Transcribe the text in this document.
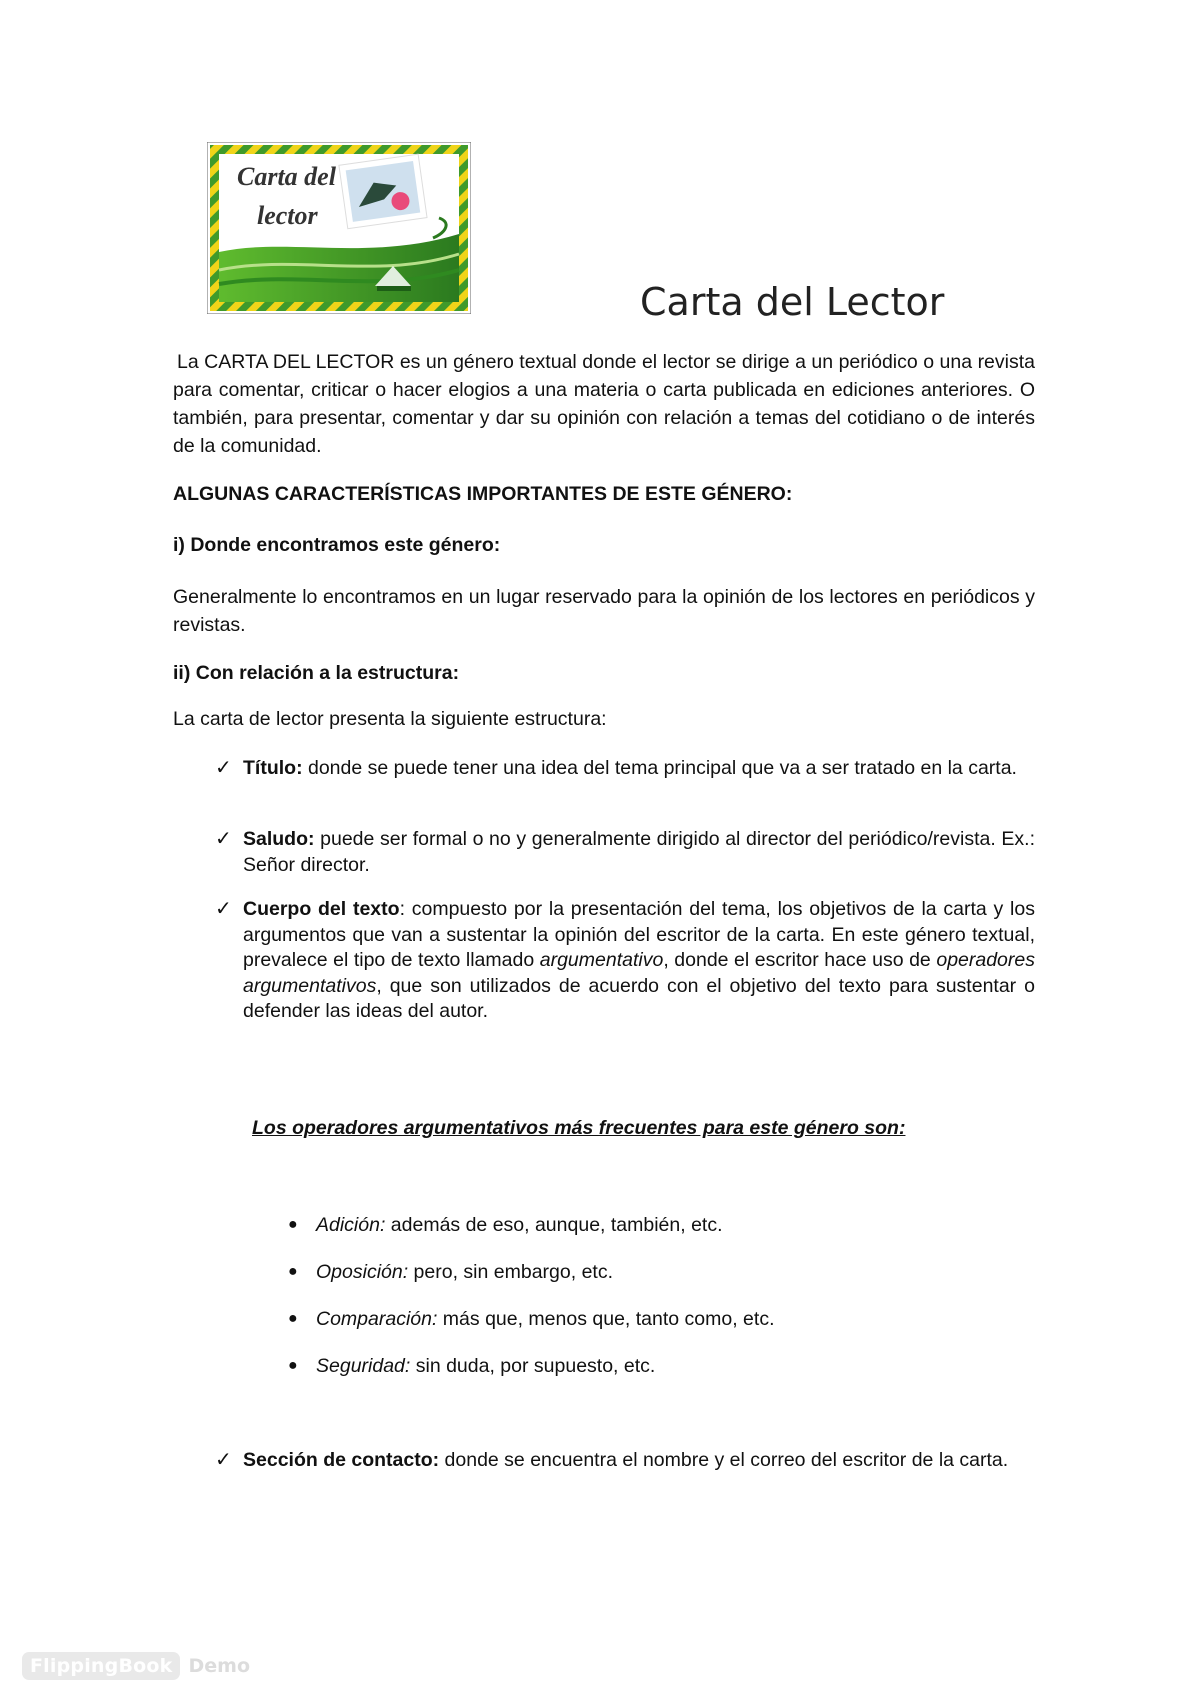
Carta del
lector
Carta del Lector
La CARTA DEL LECTOR es un género textual donde el lector se dirige a un periódico o una revista para comentar, criticar o hacer elogios a una materia o carta publicada en ediciones anteriores. O también, para presentar, comentar y dar su opinión con relación a temas del cotidiano o de interés de la comunidad.
ALGUNAS CARACTERÍSTICAS IMPORTANTES DE ESTE GÉNERO:
i) Donde encontramos este género:
Generalmente lo encontramos en un lugar reservado para la opinión de los lectores en periódicos y revistas.
ii) Con relación a la estructura:
La carta de lector presenta la siguiente estructura:
✓ Título: donde se puede tener una idea del tema principal que va a ser tratado en la carta.
✓ Saludo: puede ser formal o no y generalmente dirigido al director del periódico/revista. Ex.: Señor director.
✓ Cuerpo del texto: compuesto por la presentación del tema, los objetivos de la carta y los argumentos que van a sustentar la opinión del escritor de la carta. En este género textual, prevalece el tipo de texto llamado argumentativo, donde el escritor hace uso de operadores argumentativos, que son utilizados de acuerdo con el objetivo del texto para sustentar o defender las ideas del autor.
Los operadores argumentativos más frecuentes para este género son:
● Adición: además de eso, aunque, también, etc.
● Oposición: pero, sin embargo, etc.
● Comparación: más que, menos que, tanto como, etc.
● Seguridad: sin duda, por supuesto, etc.
✓ Sección de contacto: donde se encuentra el nombre y el correo del escritor de la carta.
FlippingBook Demo
